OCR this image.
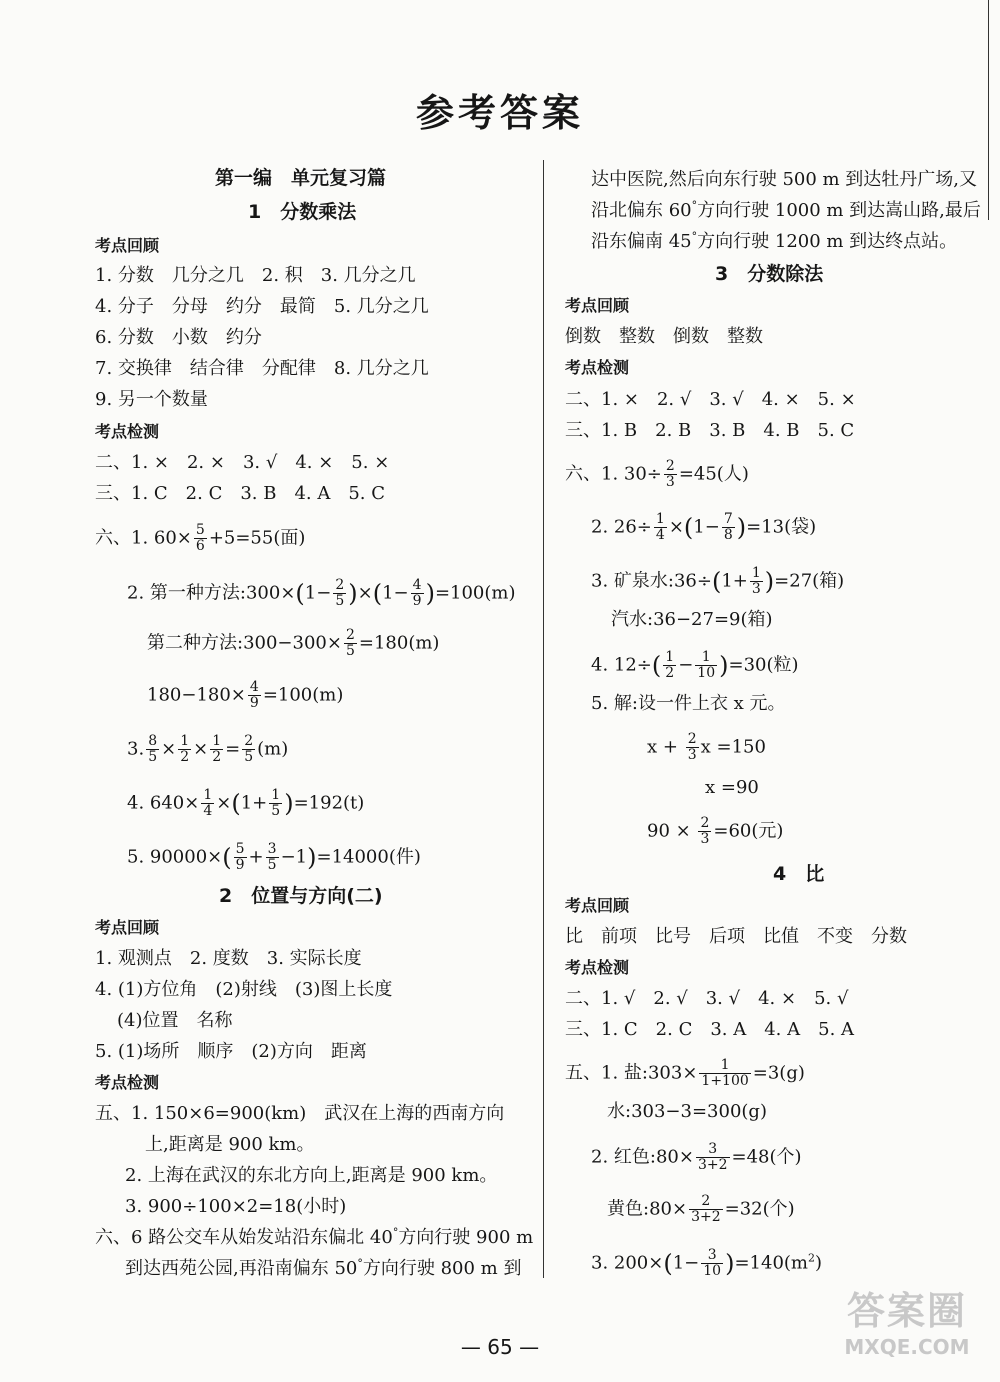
参考答案
第一编　单元复习篇
1　分数乘法
考点回顾
1. 分数　几分之几　2. 积　3. 几分之几
4. 分子　分母　约分　最简　5. 几分之几
6. 分数　小数　约分
7. 交换律　结合律　分配律　8. 几分之几
9. 另一个数量
考点检测
二、1. ×　2. ×　3. √　4. ×　5. ×
三、1. C　2. C　3. B　4. A　5. C
六、1. $60\times \frac{5}{6} +5=55$(面)
2. 第一种方法:300×(1− $\frac{2}{5} )\times(1- \frac{4}{9} )=100(m)$
第二种方法:300−300× $\frac{2}{5} =180(m)$
$180-180\times \frac{4}{9} =100(m)$
3. $\frac{8}{5} \times \frac{1}{2} \times \frac{1}{2} = \frac{2}{5} (m)$
4. $640\times \frac{1}{4} \times(1+ \frac{1}{5} )=192(t)$
5. $90000\times( \frac{5}{9} + \frac{3}{5} -1)=14000$(件)
2　位置与方向(二)
考点回顾
1. 观测点　2. 度数　3. 实际长度
4. (1)方位角　(2)射线　(3)图上长度
(4)位置　名称
5. (1)场所　顺序　(2)方向　距离
考点检测
五、1. 150×6=900(km)　武汉在上海的西南方向
上,距离是 900 km。
2. 上海在武汉的东北方向上,距离是 900 km。
3. 900÷100×2=18(小时)
六、6 路公交车从始发站沿东偏北 40°方向行驶 900 m
到达西苑公园,再沿南偏东 50°方向行驶 800 m 到
达中医院,然后向东行驶 500 m 到达牡丹广场,又
沿北偏东 60°方向行驶 1000 m 到达嵩山路,最后
沿东偏南 45°方向行驶 1200 m 到达终点站。
3　分数除法
考点回顾
倒数　整数　倒数　整数
考点检测
二、1. ×　2. √　3. √　4. ×　5. ×
三、1. B　2. B　3. B　4. B　5. C
六、1. $30\div \frac{2}{3} =45$(人)
2. $26\div \frac{1}{4} \times(1- \frac{7}{8} )=13$(袋)
3. 矿泉水:36÷(1+ $\frac{1}{3} )=27$(箱)
汽水:36−27=9(箱)
4. $12\div( \frac{1}{2} - \frac{1}{10} )=30$(粒)
5. 解:设一件上衣 x 元。
$x + \frac{2}{3}$ x =150
x =90
$90 \times \frac{2}{3} =60$(元)
4　比
考点回顾
比　前项　比号　后项　比值　不变　分数
考点检测
二、1. √　2. √　3. √　4. ×　5. √
三、1. C　2. C　3. A　4. A　5. A
五、1. 盐:303× $\frac{1}{1+100} =3(g)$
水:303−3=300(g)
2. 红色:80× $\frac{3}{3+2} =48$(个)
黄色:80× $\frac{2}{3+2} =32$(个)
3. $200\times(1- \frac{3}{10} )=140(m^2)$
— 65 —
答案圈
MXQE.COM
